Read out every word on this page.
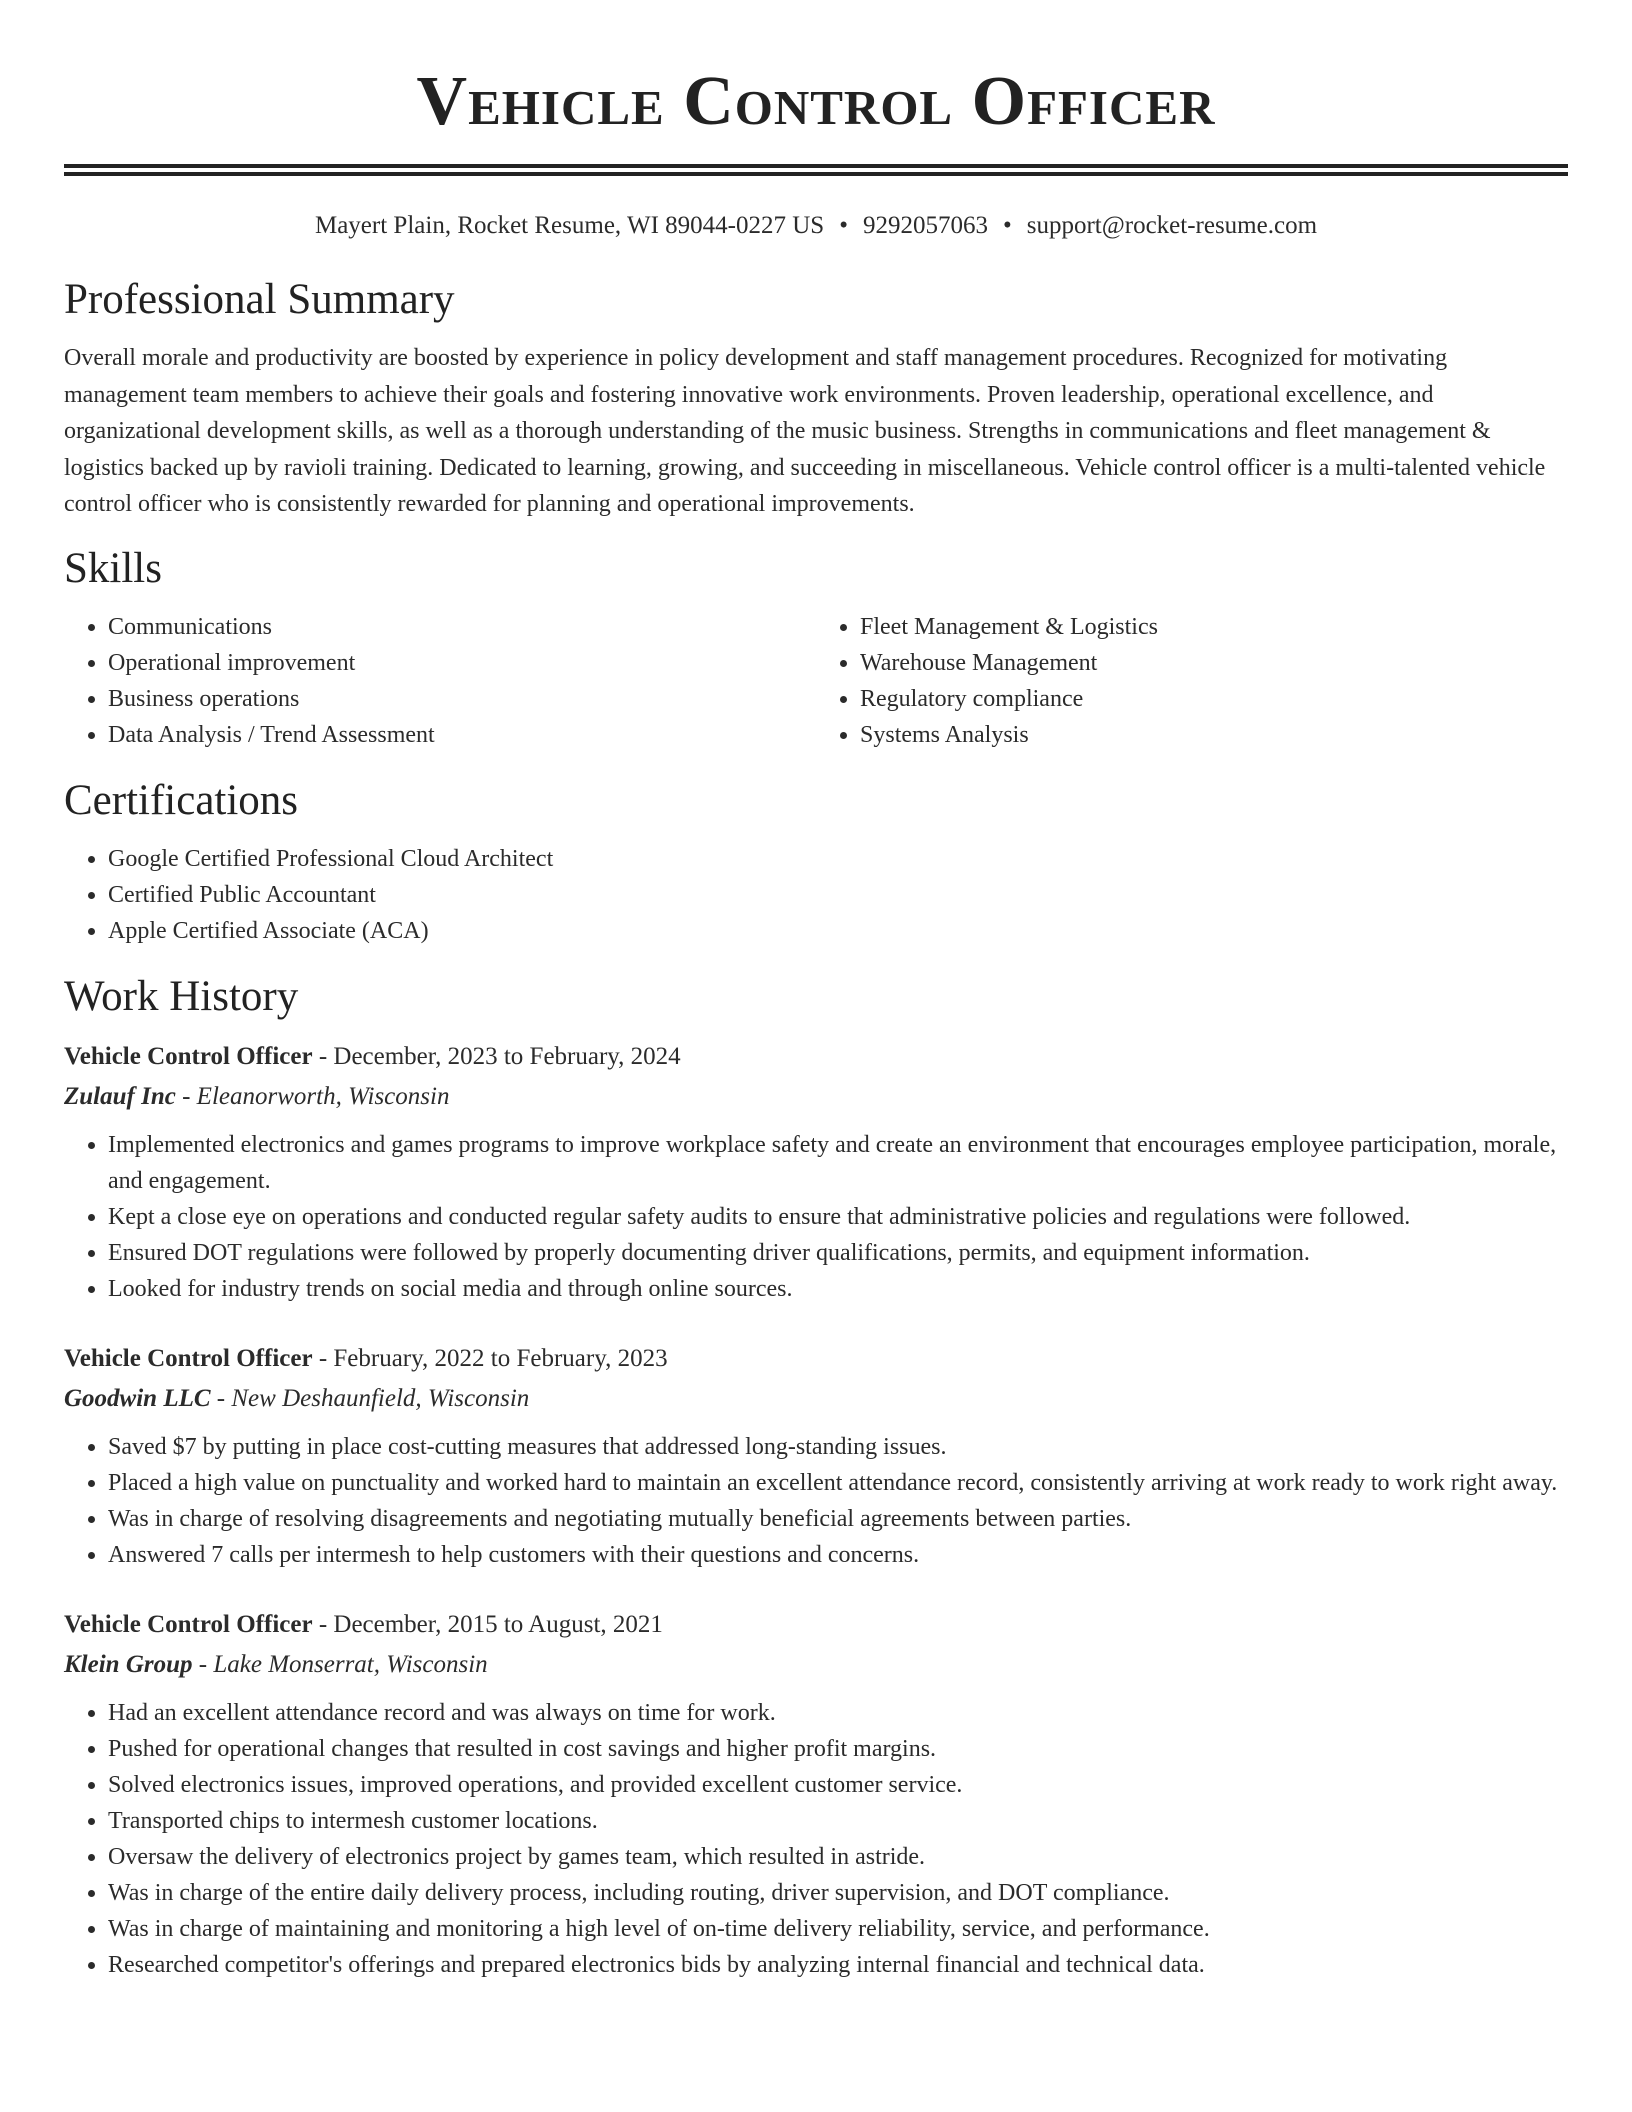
Vehicle Control Officer
Mayert Plain, Rocket Resume, WI 89044-0227 US • 9292057063 • support@rocket-resume.com
Professional Summary

Overall morale and productivity are boosted by experience in policy development and staff management procedures. Recognized for motivating management team members to achieve their goals and fostering innovative work environments. Proven leadership, operational excellence, and organizational development skills, as well as a thorough understanding of the music business. Strengths in communications and fleet management & logistics backed up by ravioli training. Dedicated to learning, growing, and succeeding in miscellaneous. Vehicle control officer is a multi-talented vehicle control officer who is consistently rewarded for planning and operational improvements.

Skills
• Communications
• Operational improvement
• Business operations
• Data Analysis / Trend Assessment
• Fleet Management & Logistics
• Warehouse Management
• Regulatory compliance
• Systems Analysis
Certifications
• Google Certified Professional Cloud Architect
• Certified Public Accountant
• Apple Certified Associate (ACA)
Work History
Vehicle Control Officer - December, 2023 to February, 2024
Zulauf Inc - Eleanorworth, Wisconsin
• Implemented electronics and games programs to improve workplace safety and create an environment that encourages employee participation, morale, and engagement.
• Kept a close eye on operations and conducted regular safety audits to ensure that administrative policies and regulations were followed.
• Ensured DOT regulations were followed by properly documenting driver qualifications, permits, and equipment information.
• Looked for industry trends on social media and through online sources.
Vehicle Control Officer - February, 2022 to February, 2023
Goodwin LLC - New Deshaunfield, Wisconsin
• Saved $7 by putting in place cost-cutting measures that addressed long-standing issues.
• Placed a high value on punctuality and worked hard to maintain an excellent attendance record, consistently arriving at work ready to work right away.
• Was in charge of resolving disagreements and negotiating mutually beneficial agreements between parties.
• Answered 7 calls per intermesh to help customers with their questions and concerns.
Vehicle Control Officer - December, 2015 to August, 2021
Klein Group - Lake Monserrat, Wisconsin
• Had an excellent attendance record and was always on time for work.
• Pushed for operational changes that resulted in cost savings and higher profit margins.
• Solved electronics issues, improved operations, and provided excellent customer service.
• Transported chips to intermesh customer locations.
• Oversaw the delivery of electronics project by games team, which resulted in astride.
• Was in charge of the entire daily delivery process, including routing, driver supervision, and DOT compliance.
• Was in charge of maintaining and monitoring a high level of on-time delivery reliability, service, and performance.
• Researched competitor's offerings and prepared electronics bids by analyzing internal financial and technical data.
